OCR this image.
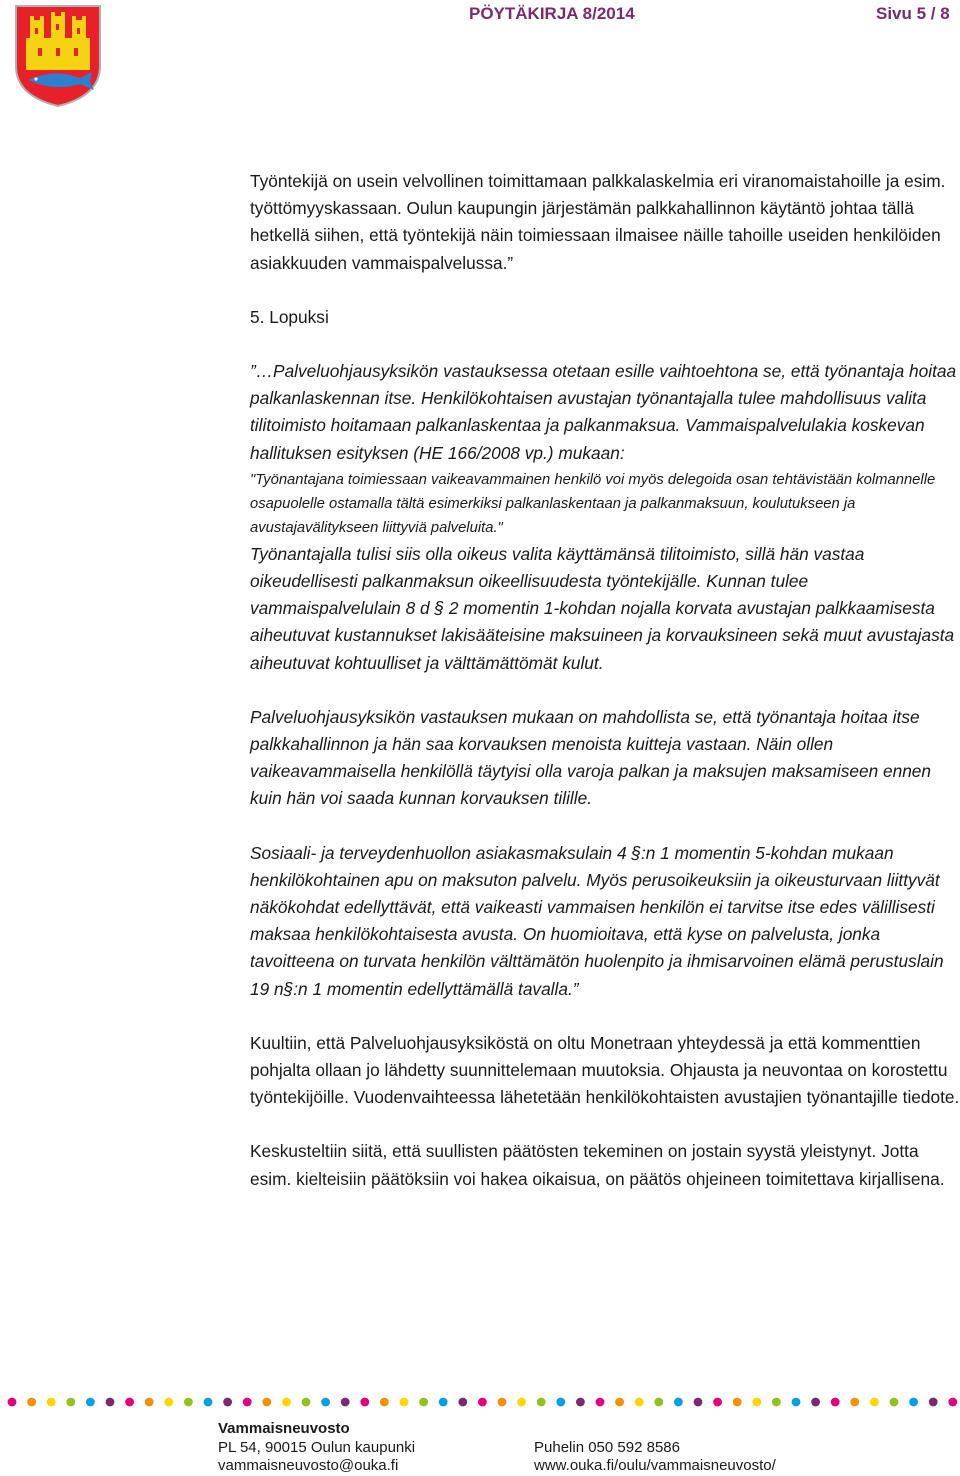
PÖYTÄKIRJA 8/2014	Sivu 5 / 8

Työntekijä on usein velvollinen toimittamaan palkkalaskelmia eri viranomaistahoille ja esim. työttömyyskassaan. Oulun kaupungin järjestämän palkkahallinnon käytäntö johtaa tällä hetkellä siihen, että työntekijä näin toimiessaan ilmaisee näille tahoille useiden henkilöiden asiakkuuden vammaispalvelussa.”

5. Lopuksi

”…Palveluohjausyksikön vastauksessa otetaan esille vaihtoehtona se, että työnantaja hoitaa palkanlaskennan itse. Henkilökohtaisen avustajan työnantajalla tulee mahdollisuus valita tilitoimisto hoitamaan palkanlaskentaa ja palkanmaksua. Vammaispalvelulakia koskevan hallituksen esityksen (HE 166/2008 vp.) mukaan:

"Työnantajana toimiessaan vaikeavammainen henkilö voi myös delegoida osan tehtävistään kolmannelle osapuolelle ostamalla tältä esimerkiksi palkanlaskentaan ja palkanmaksuun, koulutukseen ja avustajavälitykseen liittyviä palveluita."

Työnantajalla tulisi siis olla oikeus valita käyttämänsä tilitoimisto, sillä hän vastaa oikeudellisesti palkanmaksun oikeellisuudesta työntekijälle. Kunnan tulee vammaispalvelulain 8 d § 2 momentin 1-kohdan nojalla korvata avustajan palkkaamisesta aiheutuvat kustannukset lakisääteisine maksuineen ja korvauksineen sekä muut avustajasta aiheutuvat kohtuulliset ja välttämättömät kulut.

Palveluohjausyksikön vastauksen mukaan on mahdollista se, että työnantaja hoitaa itse palkkahallinnon ja hän saa korvauksen menoista kuitteja vastaan. Näin ollen vaikeavammaisella henkilöllä täytyisi olla varoja palkan ja maksujen maksamiseen ennen kuin hän voi saada kunnan korvauksen tilille.

Sosiaali- ja terveydenhuollon asiakasmaksulain 4 §:n 1 momentin 5-kohdan mukaan henkilökohtainen apu on maksuton palvelu. Myös perusoikeuksiin ja oikeusturvaan liittyvät näkökohdat edellyttävät, että vaikeasti vammaisen henkilön ei tarvitse itse edes välillisesti maksaa henkilökohtaisesta avusta. On huomioitava, että kyse on palvelusta, jonka tavoitteena on turvata henkilön välttämätön huolenpito ja ihmisarvoinen elämä perustuslain 19 n§:n 1 momentin edellyttämällä tavalla.”

Kuultiin, että Palveluohjausyksiköstä on oltu Monetraan yhteydessä ja että kommenttien pohjalta ollaan jo lähdetty suunnittelemaan muutoksia. Ohjausta ja neuvontaa on korostettu työntekijöille. Vuodenvaihteessa lähetetään henkilökohtaisten avustajien työnantajille tiedote.

Keskusteltiin siitä, että suullisten päätösten tekeminen on jostain syystä yleistynyt. Jotta esim. kielteisiin päätöksiin voi hakea oikaisua, on päätös ohjeineen toimitettava kirjallisena.

Vammaisneuvosto
PL 54, 90015 Oulun kaupunki	Puhelin 050 592 8586
vammaisneuvosto@ouka.fi	www.ouka.fi/oulu/vammaisneuvosto/
